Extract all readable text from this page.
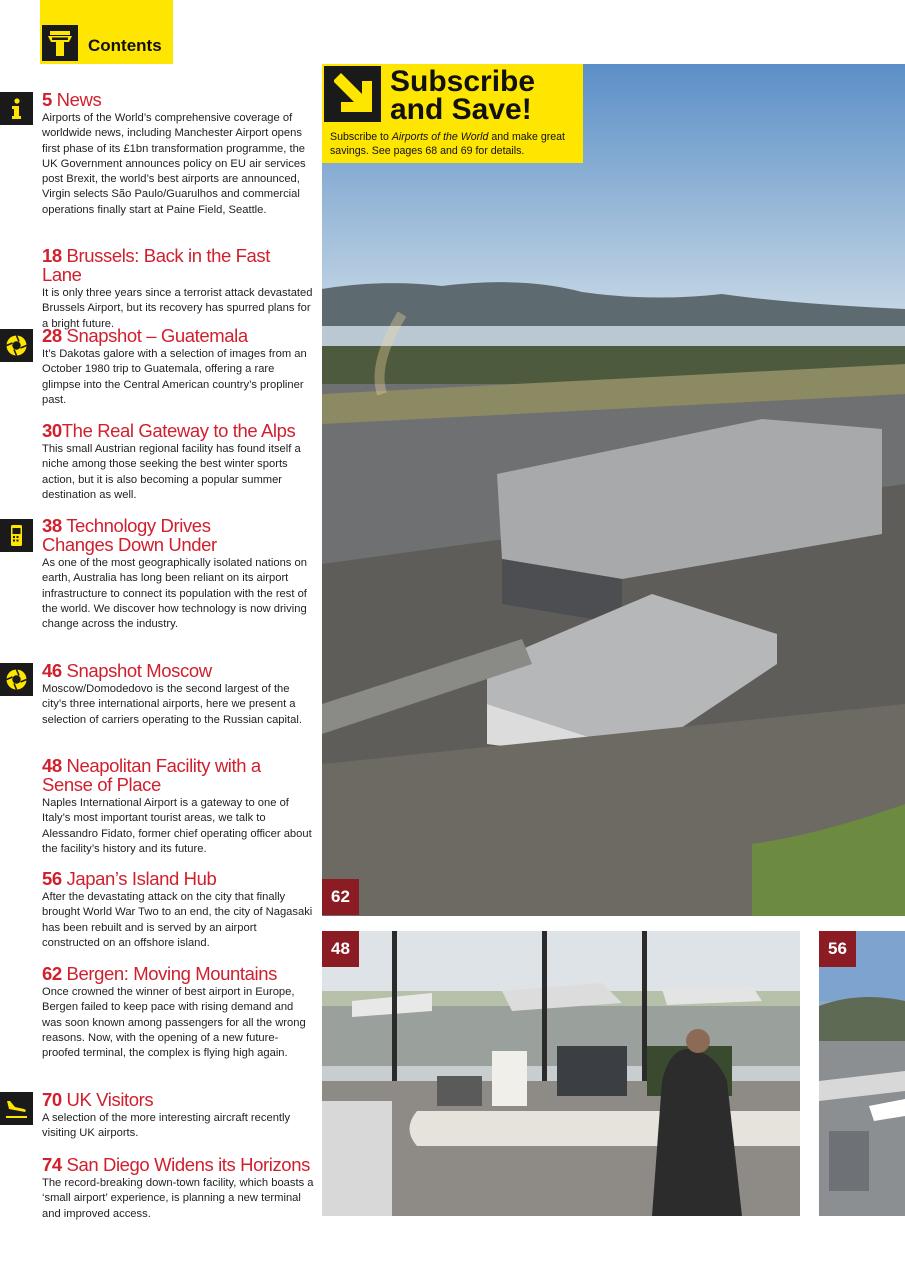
Contents
5 News

Airports of the World’s comprehensive coverage of worldwide news, including Manchester Airport opens first phase of its £1bn transformation programme, the UK Government announces policy on EU air services post Brexit, the world’s best airports are announced, Virgin selects São Paulo/Guarulhos and commercial operations finally start at Paine Field, Seattle.

18 Brussels: Back in the Fast Lane

It is only three years since a terrorist attack devastated Brussels Airport, but its recovery has spurred plans for a bright future.

28 Snapshot – Guatemala

It’s Dakotas galore with a selection of images from an October 1980 trip to Guatemala, offering a rare glimpse into the Central American country’s propliner past.

30The Real Gateway to the Alps

This small Austrian regional facility has found itself a niche among those seeking the best winter sports action, but it is also becoming a popular summer destination as well.

38 Technology Drives Changes Down Under

As one of the most geographically isolated nations on earth, Australia has long been reliant on its airport infrastructure to connect its population with the rest of the world. We discover how technology is now driving change across the industry.

46 Snapshot Moscow

Moscow/Domodedovo is the second largest of the city’s three international airports, here we present a selection of carriers operating to the Russian capital.

48 Neapolitan Facility with a Sense of Place

Naples International Airport is a gateway to one of Italy’s most important tourist areas, we talk to Alessandro Fidato, former chief operating officer about the facility’s history and its future.

56 Japan’s Island Hub

After the devastating attack on the city that finally brought World War Two to an end, the city of Nagasaki has been rebuilt and is served by an airport constructed on an offshore island.

62 Bergen: Moving Mountains

Once crowned the winner of best airport in Europe, Bergen failed to keep pace with rising demand and was soon known among passengers for all the wrong reasons. Now, with the opening of a new future-proofed terminal, the complex is flying high again.

70 UK Visitors

A selection of the more interesting aircraft recently visiting UK airports.

74 San Diego Widens its Horizons

The record-breaking down-town facility, which boasts a ‘small airport’ experience, is planning a new terminal and improved access.

62
Subscribe
and Save!
Subscribe to Airports of the World and make great savings. See pages 68 and 69 for details.
48	56
